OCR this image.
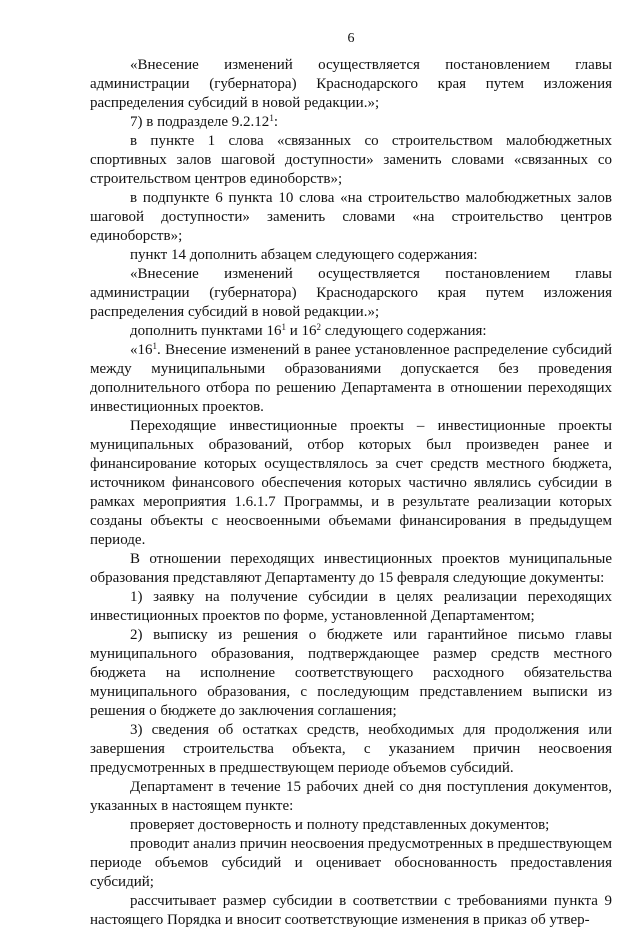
6

«Внесение изменений осуществляется постановлением главы администрации (губернатора) Краснодарского края путем изложения распределения субсидий в новой редакции.»;

7) в подразделе 9.2.12$^1$:

в пункте 1 слова «связанных со строительством малобюджетных спортивных залов шаговой доступности» заменить словами «связанных со строительством центров единоборств»;

в подпункте 6 пункта 10 слова «на строительство малобюджетных залов шаговой доступности» заменить словами «на строительство центров единоборств»;

пункт 14 дополнить абзацем следующего содержания:

«Внесение изменений осуществляется постановлением главы администрации (губернатора) Краснодарского края путем изложения распределения субсидий в новой редакции.»;

дополнить пунктами $16^1$ и $16^2$ следующего содержания:

«$16^1$. Внесение изменений в ранее установленное распределение субсидий между муниципальными образованиями допускается без проведения дополнительного отбора по решению Департамента в отношении переходящих инвестиционных проектов.

Переходящие инвестиционные проекты – инвестиционные проекты муниципальных образований, отбор которых был произведен ранее и финансирование которых осуществлялось за счет средств местного бюджета, источником финансового обеспечения которых частично являлись субсидии в рамках мероприятия 1.6.1.7 Программы, и в результате реализации которых созданы объекты с неосвоенными объемами финансирования в предыдущем периоде.

В отношении переходящих инвестиционных проектов муниципальные образования представляют Департаменту до 15 февраля следующие документы:

1) заявку на получение субсидии в целях реализации переходящих инвестиционных проектов по форме, установленной Департаментом;

2) выписку из решения о бюджете или гарантийное письмо главы муниципального образования, подтверждающее размер средств местного бюджета на исполнение соответствующего расходного обязательства муниципального образования, с последующим представлением выписки из решения о бюджете до заключения соглашения;

3) сведения об остатках средств, необходимых для продолжения или завершения строительства объекта, с указанием причин неосвоения предусмотренных в предшествующем периоде объемов субсидий.

Департамент в течение 15 рабочих дней со дня поступления документов, указанных в настоящем пункте:

проверяет достоверность и полноту представленных документов;

проводит анализ причин неосвоения предусмотренных в предшествующем периоде объемов субсидий и оценивает обоснованность предоставления субсидий;

рассчитывает размер субсидии в соответствии с требованиями пункта 9 настоящего Порядка и вносит соответствующие изменения в приказ об утвер-
